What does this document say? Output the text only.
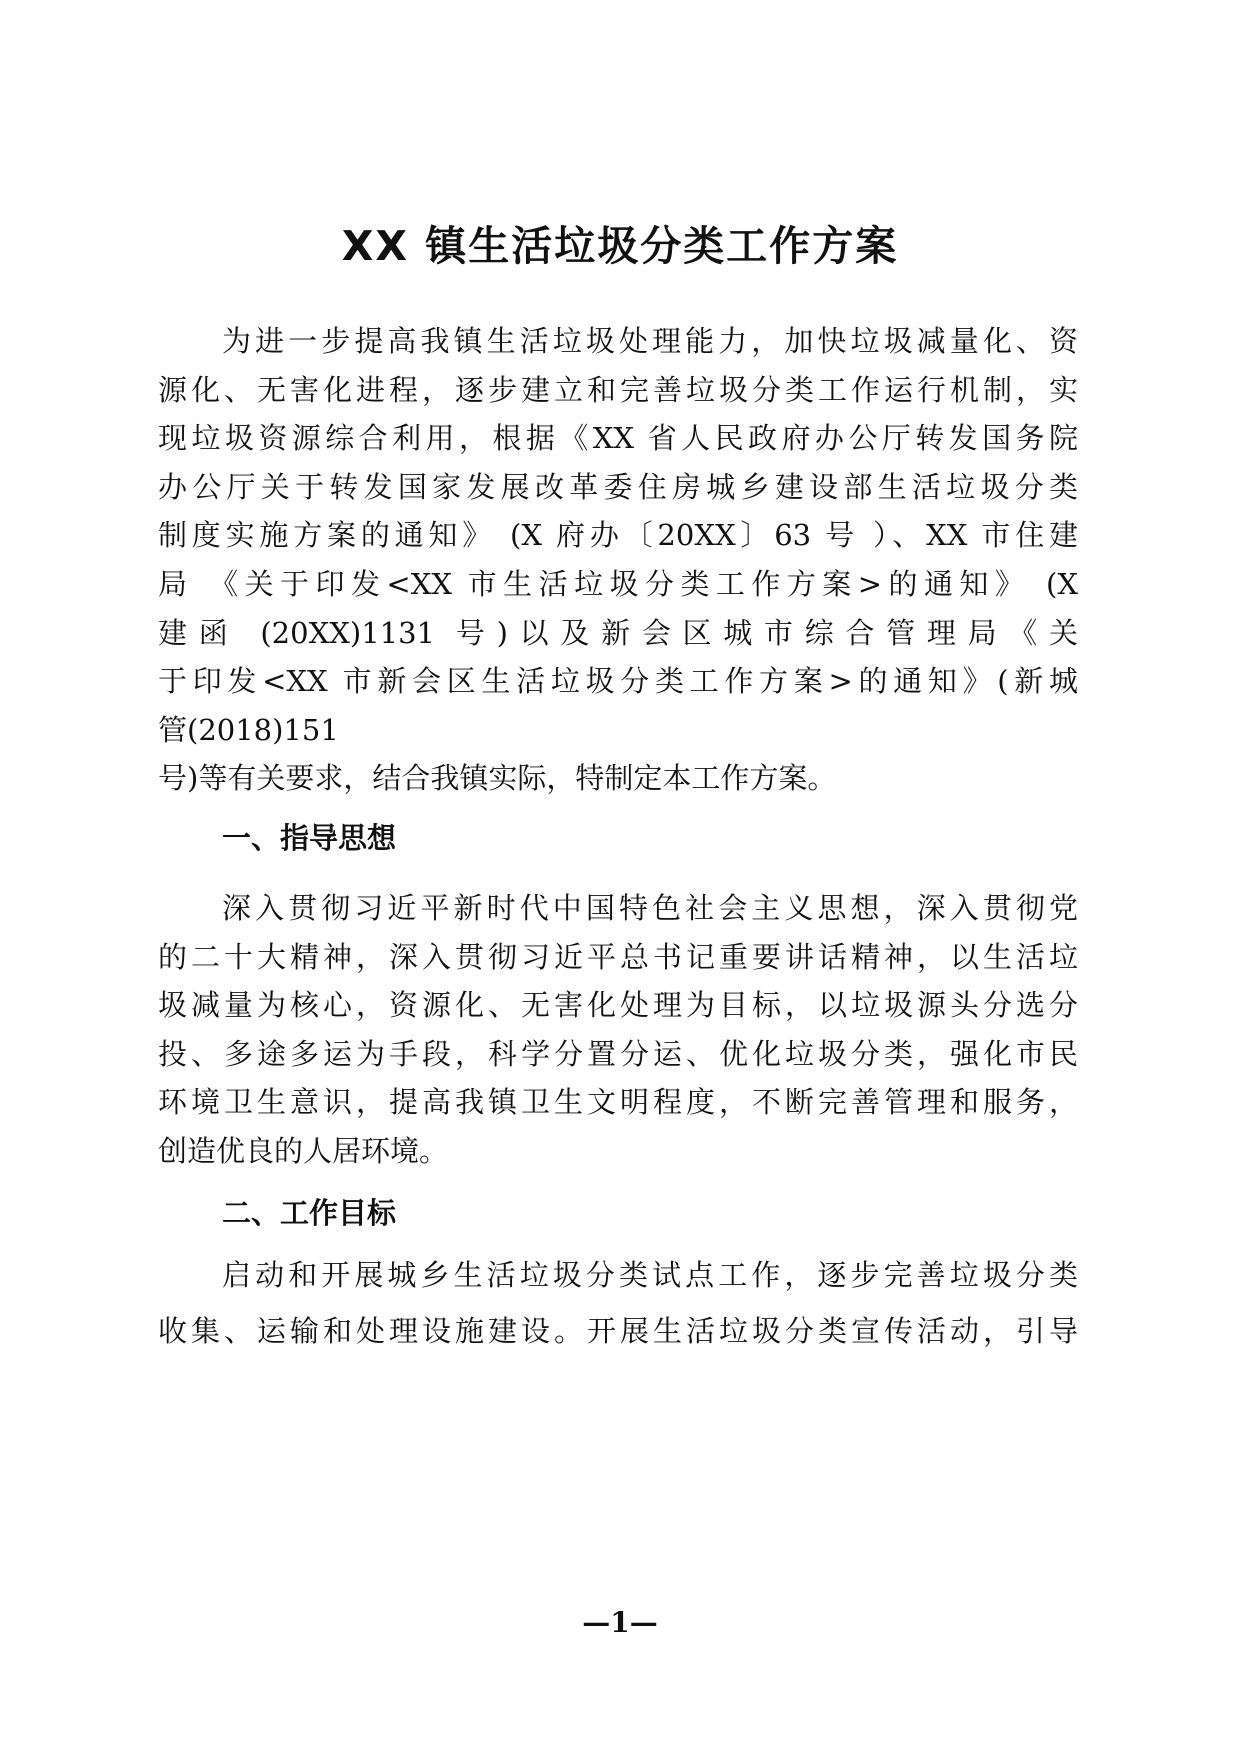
XX 镇生活垃圾分类工作方案

为进一步提高我镇生活垃圾处理能力，加快垃圾减量化、资

源化、无害化进程，逐步建立和完善垃圾分类工作运行机制，实

现垃圾资源综合利用，根据《XX 省人民政府办公厅转发国务院

办公厅关于转发国家发展改革委住房城乡建设部生活垃圾分类

制度实施方案的通知》 (X 府办〔20XX〕63 号 ）、XX 市住建

局 《关于印发<XX 市生活垃圾分类工作方案>的通知》 (X

建函 (20XX)1131 号)以及新会区城市综合管理局《关

于印发<XX 市新会区生活垃圾分类工作方案>的通知》(新城

管(2018)151

号)等有关要求，结合我镇实际，特制定本工作方案。

一、指导思想

深入贯彻习近平新时代中国特色社会主义思想，深入贯彻党

的二十大精神，深入贯彻习近平总书记重要讲话精神，以生活垃

圾减量为核心，资源化、无害化处理为目标，以垃圾源头分选分

投、多途多运为手段，科学分置分运、优化垃圾分类，强化市民

环境卫生意识，提高我镇卫生文明程度，不断完善管理和服务，

创造优良的人居环境。

二、工作目标

启动和开展城乡生活垃圾分类试点工作，逐步完善垃圾分类

收集、运输和处理设施建设。开展生活垃圾分类宣传活动，引导

—1—
